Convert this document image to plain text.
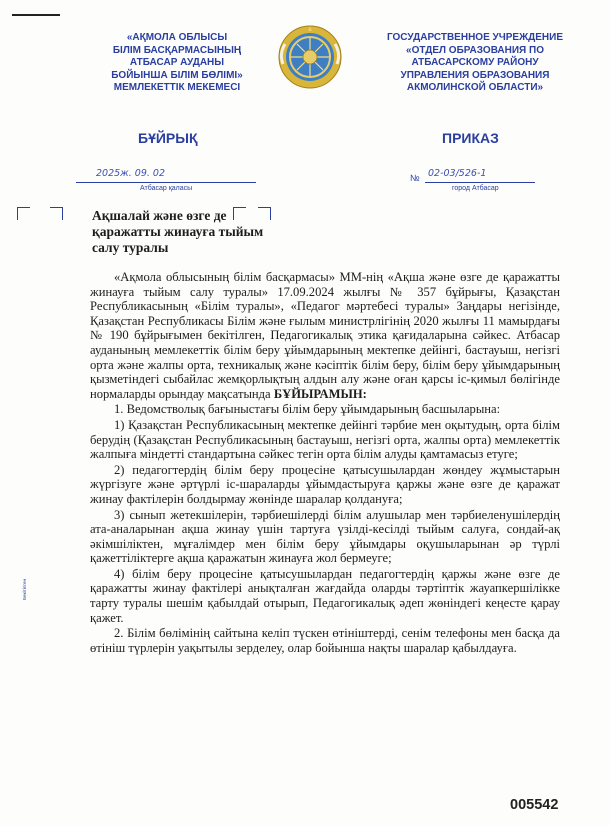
«АҚМОЛА ОБЛЫСЫ
БІЛІМ БАСҚАРМАСЫНЫҢ
АТБАСАР АУДАНЫ
БОЙЫНША БІЛІМ БӨЛІМІ»
МЕМЛЕКЕТТІК МЕКЕМЕСІ
ГОСУДАРСТВЕННОЕ УЧРЕЖДЕНИЕ
«ОТДЕЛ ОБРАЗОВАНИЯ ПО
АТБАСАРСКОМУ РАЙОНУ
УПРАВЛЕНИЯ ОБРАЗОВАНИЯ
АКМОЛИНСКОЙ ОБЛАСТИ»
БҰЙРЫҚ	ПРИКАЗ
2025ж. 09. 02
Атбасар қаласы
№ 02-03/526-1
город Атбасар
Ақшалай және өзге де қаражатты жинауға тыйым салу туралы
Бекітілген

«Ақмола облысының білім басқармасы» ММ-нің «Ақша және өзге де қаражатты жинауға тыйым салу туралы» 17.09.2024 жылғы № 357 бұйрығы, Қазақстан Республикасының «Білім туралы», «Педагог мәртебесі туралы» Заңдары негізінде, Қазақстан Республикасы Білім және ғылым министрлігінің 2020 жылғы 11 мамырдағы № 190 бұйрығымен бекітілген, Педагогикалық этика қағидаларына сәйкес. Атбасар ауданының мемлекеттік білім беру ұйымдарының мектепке дейінгі, бастауыш, негізгі орта және жалпы орта, техникалық және кәсіптік білім беру, білім беру ұйымдарының қызметіндегі сыбайлас жемқорлықтың алдын алу және оған қарсы іс-қимыл бөлігінде нормаларды орындау мақсатында БҰЙЫРАМЫН:

1. Ведомстволық бағыныстағы білім беру ұйымдарының басшыларына:

1) Қазақстан Республикасының мектепке дейінгі тәрбие мен оқытудың, орта білім берудің (Қазақстан Республикасының бастауыш, негізгі орта, жалпы орта) мемлекеттік жалпыға міндетті стандартына сәйкес тегін орта білім алуды қамтамасыз етуге;

2) педагогтердің білім беру процесіне қатысушылардан жөндеу жұмыстарын жүргізуге және әртүрлі іс-шараларды ұйымдастыруға қаржы және өзге де қаражат жинау фактілерін болдырмау жөнінде шаралар қолдануға;

3) сынып жетекшілерін, тәрбиешілерді білім алушылар мен тәрбиеленушілердің ата-аналарынан ақша жинау үшін тартуға үзілді-кесілді тыйым салуға, сондай-ақ әкімшіліктен, мұғалімдер мен білім беру ұйымдары оқушыларынан әр түрлі қажеттіліктерге ақша қаражатын жинауға жол бермеуге;

4) білім беру процесіне қатысушылардан педагогтердің қаржы және өзге де қаражатты жинау фактілері анықталған жағдайда оларды тәртіптік жауапкершілікке тарту туралы шешім қабылдай отырып, Педагогикалық әдеп жөніндегі кеңесте қарау қажет.

2. Білім бөлімінің сайтына келіп түскен өтініштерді, сенім телефоны мен басқа да өтініш түрлерін уақытылы зерделеу, олар бойынша нақты шаралар қабылдауға.

005542
